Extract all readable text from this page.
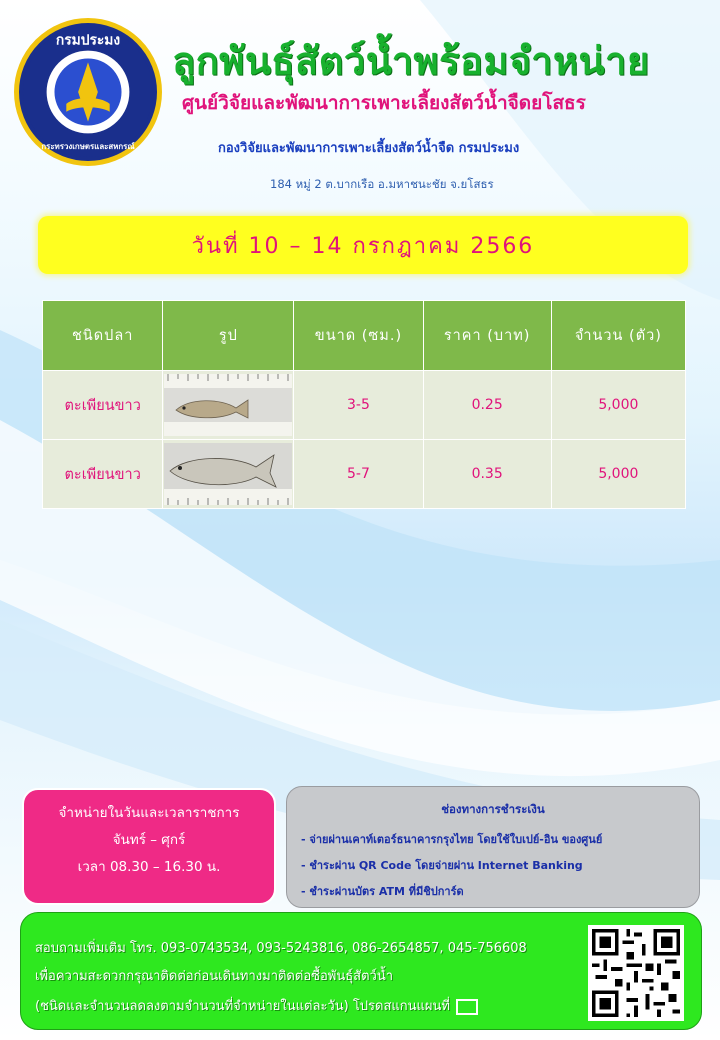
กรมประมง
กระทรวงเกษตรและสหกรณ์
ลูกพันธุ์สัตว์น้ำพร้อมจำหน่าย
ศูนย์วิจัยและพัฒนาการเพาะเลี้ยงสัตว์น้ำจืดยโสธร
กองวิจัยและพัฒนาการเพาะเลี้ยงสัตว์น้ำจืด กรมประมง
184 หมู่ 2 ต.บากเรือ อ.มหาชนะชัย จ.ยโสธร
วันที่ 10 – 14 กรกฎาคม 2566
ชนิดปลา	รูป	ขนาด (ซม.)	ราคา (บาท)	จำนวน (ตัว)
ตะเพียนขาว		3-5	0.25	5,000
ตะเพียนขาว		5-7	0.35	5,000
จำหน่ายในวันและเวลาราชการ
จันทร์ – ศุกร์
เวลา 08.30 – 16.30 น.
ช่องทางการชำระเงิน
- จ่ายผ่านเคาท์เตอร์ธนาคารกรุงไทย โดยใช้ใบเปย์-อิน ของศูนย์
- ชำระผ่าน QR Code โดยจ่ายผ่าน Internet Banking
- ชำระผ่านบัตร ATM ที่มีชิปการ์ด
สอบถามเพิ่มเติม โทร. 093-0743534, 093-5243816, 086-2654857, 045-756608
เพื่อความสะดวกกรุณาติดต่อก่อนเดินทางมาติดต่อซื้อพันธุ์สัตว์น้ำ
(ชนิดและจำนวนลดลงตามจำนวนที่จำหน่ายในแต่ละวัน) โปรดสแกนแผนที่
